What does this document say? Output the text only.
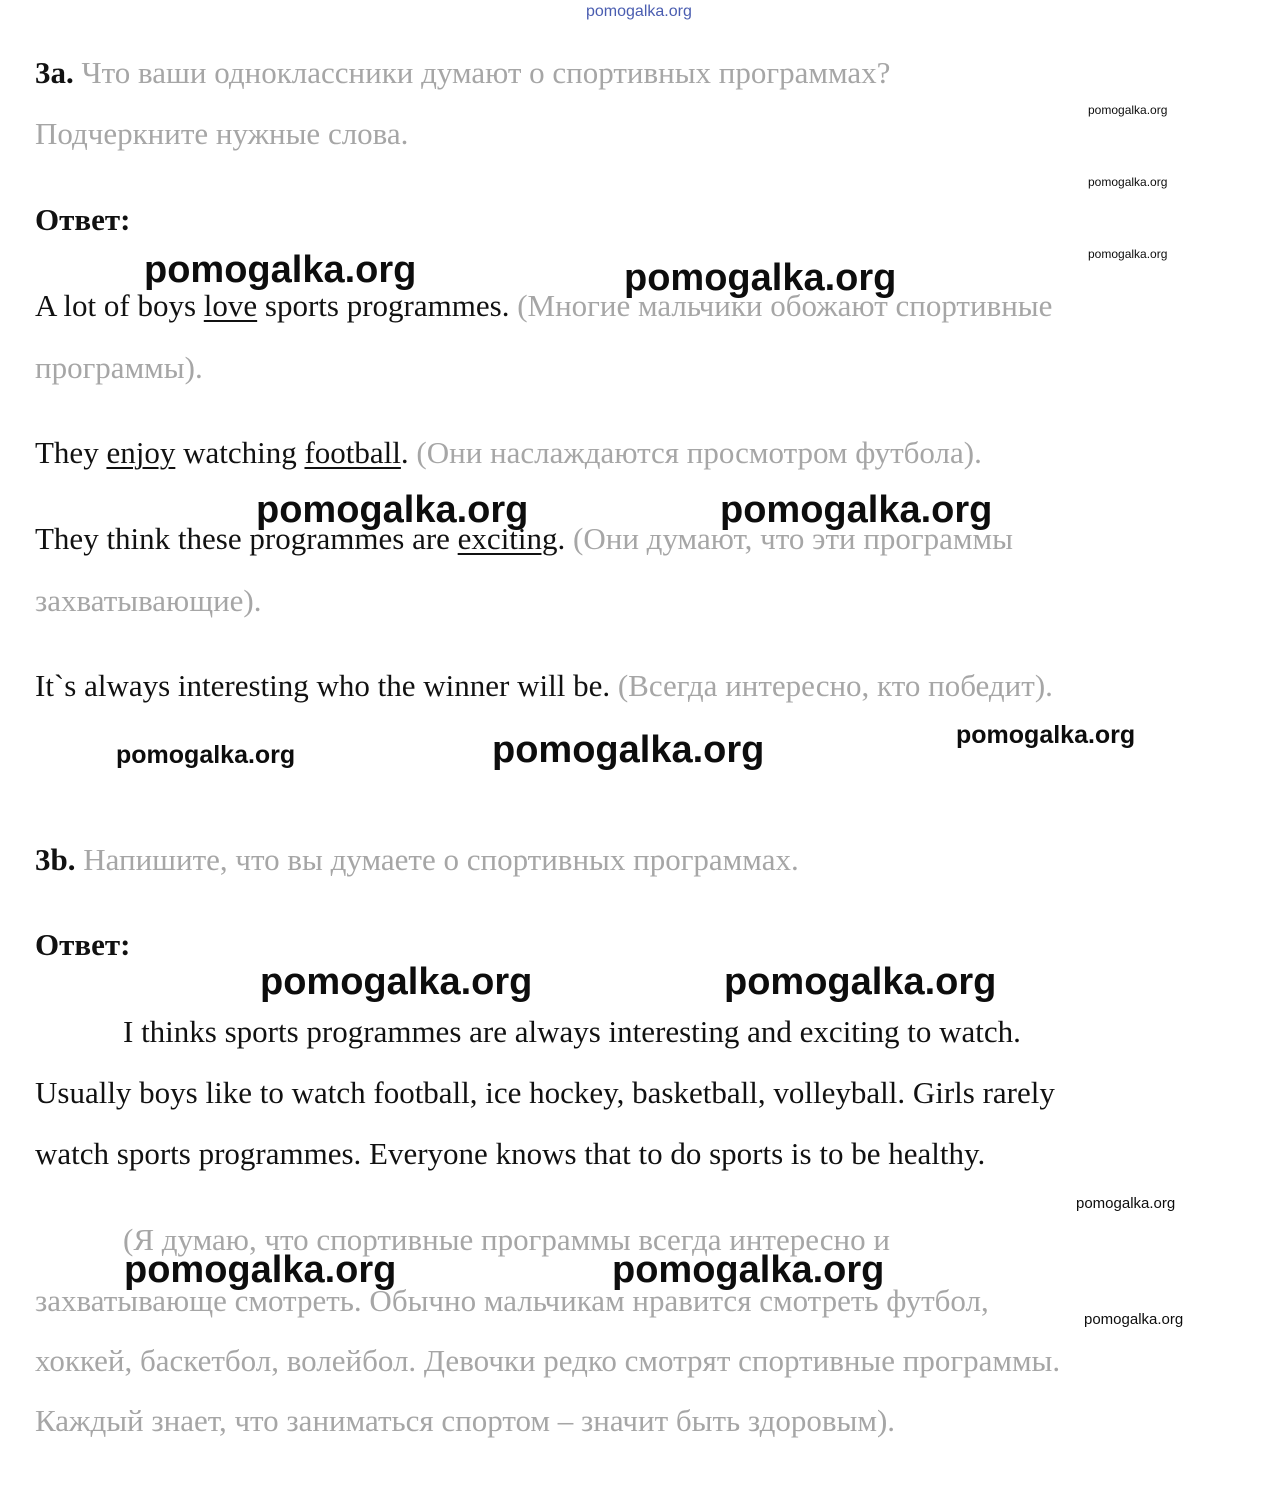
pomogalka.org

3a. Что ваши одноклассники думают о спортивных программах?

Подчеркните нужные слова.

Ответ:

A lot of boys love sports programmes. (Многие мальчики обожают спортивные

программы).

They enjoy watching football. (Они наслаждаются просмотром футбола).

They think these programmes are exciting. (Они думают, что эти программы

захватывающие).

It`s always interesting who the winner will be. (Всегда интересно, кто победит).

3b. Напишите, что вы думаете о спортивных программах.

Ответ:

I thinks sports programmes are always interesting and exciting to watch.

Usually boys like to watch football, ice hockey, basketball, volleyball. Girls rarely

watch sports programmes. Everyone knows that to do sports is to be healthy.

(Я думаю, что спортивные программы всегда интересно и

захватывающе смотреть. Обычно мальчикам нравится смотреть футбол,

хоккей, баскетбол, волейбол. Девочки редко смотрят спортивные программы.

Каждый знает, что заниматься спортом – значит быть здоровым).

pomogalka.org
pomogalka.org
pomogalka.org
pomogalka.org	pomogalka.org
pomogalka.org	pomogalka.org
pomogalka.org	pomogalka.org	pomogalka.org
pomogalka.org	pomogalka.org
pomogalka.org
pomogalka.org	pomogalka.org
pomogalka.org
